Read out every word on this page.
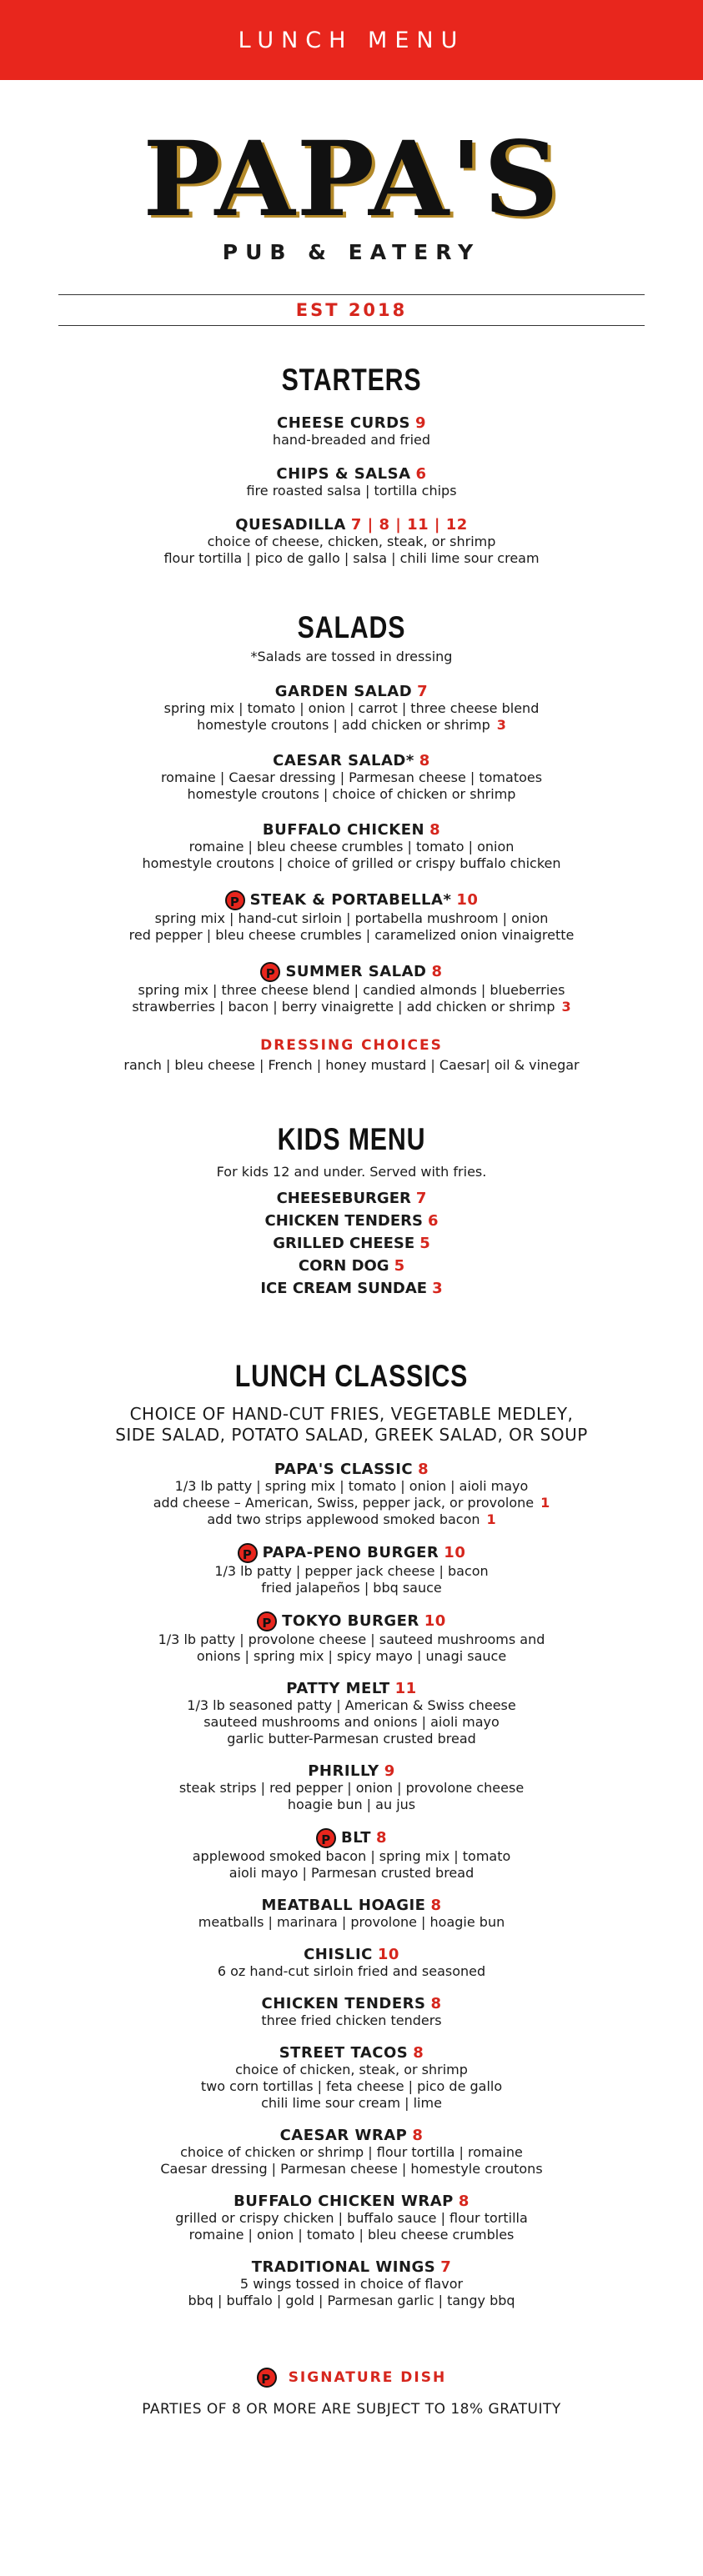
LUNCH MENU
PAPA'S
PUB & EATERY
EST 2018
STARTERS
CHEESE CURDS 9
hand-breaded and fried
CHIPS & SALSA 6
fire roasted salsa | tortilla chips
QUESADILLA 7 | 8 | 11 | 12
choice of cheese, chicken, steak, or shrimp
flour tortilla | pico de gallo | salsa | chili lime sour cream
SALADS
*Salads are tossed in dressing
GARDEN SALAD 7
spring mix | tomato | onion | carrot | three cheese blend
homestyle croutons | add chicken or shrimp 3
CAESAR SALAD* 8
romaine | Caesar dressing | Parmesan cheese | tomatoes
homestyle croutons | choice of chicken or shrimp
BUFFALO CHICKEN 8
romaine | bleu cheese crumbles | tomato | onion
homestyle croutons | choice of grilled or crispy buffalo chicken
P STEAK & PORTABELLA* 10
spring mix | hand-cut sirloin | portabella mushroom | onion
red pepper | bleu cheese crumbles | caramelized onion vinaigrette
P SUMMER SALAD 8
spring mix | three cheese blend | candied almonds | blueberries
strawberries | bacon | berry vinaigrette | add chicken or shrimp 3
DRESSING CHOICES
ranch | bleu cheese | French | honey mustard | Caesar| oil & vinegar
KIDS MENU
For kids 12 and under. Served with fries.
CHEESEBURGER 7
CHICKEN TENDERS 6
GRILLED CHEESE 5
CORN DOG 5
ICE CREAM SUNDAE 3
LUNCH CLASSICS
CHOICE OF HAND-CUT FRIES, VEGETABLE MEDLEY,
SIDE SALAD, POTATO SALAD, GREEK SALAD, OR SOUP
PAPA'S CLASSIC 8
1/3 lb patty | spring mix | tomato | onion | aioli mayo
add cheese – American, Swiss, pepper jack, or provolone 1
add two strips applewood smoked bacon 1
P PAPA-PENO BURGER 10
1/3 lb patty | pepper jack cheese | bacon
fried jalapeños | bbq sauce
P TOKYO BURGER 10
1/3 lb patty | provolone cheese | sauteed mushrooms and
onions | spring mix | spicy mayo | unagi sauce
PATTY MELT 11
1/3 lb seasoned patty | American & Swiss cheese
sauteed mushrooms and onions | aioli mayo
garlic butter-Parmesan crusted bread
PHRILLY 9
steak strips | red pepper | onion | provolone cheese
hoagie bun | au jus
P BLT 8
applewood smoked bacon | spring mix | tomato
aioli mayo | Parmesan crusted bread
MEATBALL HOAGIE 8
meatballs | marinara | provolone | hoagie bun
CHISLIC 10
6 oz hand-cut sirloin fried and seasoned
CHICKEN TENDERS 8
three fried chicken tenders
STREET TACOS 8
choice of chicken, steak, or shrimp
two corn tortillas | feta cheese | pico de gallo
chili lime sour cream | lime
CAESAR WRAP 8
choice of chicken or shrimp | flour tortilla | romaine
Caesar dressing | Parmesan cheese | homestyle croutons
BUFFALO CHICKEN WRAP 8
grilled or crispy chicken | buffalo sauce | flour tortilla
romaine | onion | tomato | bleu cheese crumbles
TRADITIONAL WINGS 7
5 wings tossed in choice of flavor
bbq | buffalo | gold | Parmesan garlic | tangy bbq
P SIGNATURE DISH
PARTIES OF 8 OR MORE ARE SUBJECT TO 18% GRATUITY
